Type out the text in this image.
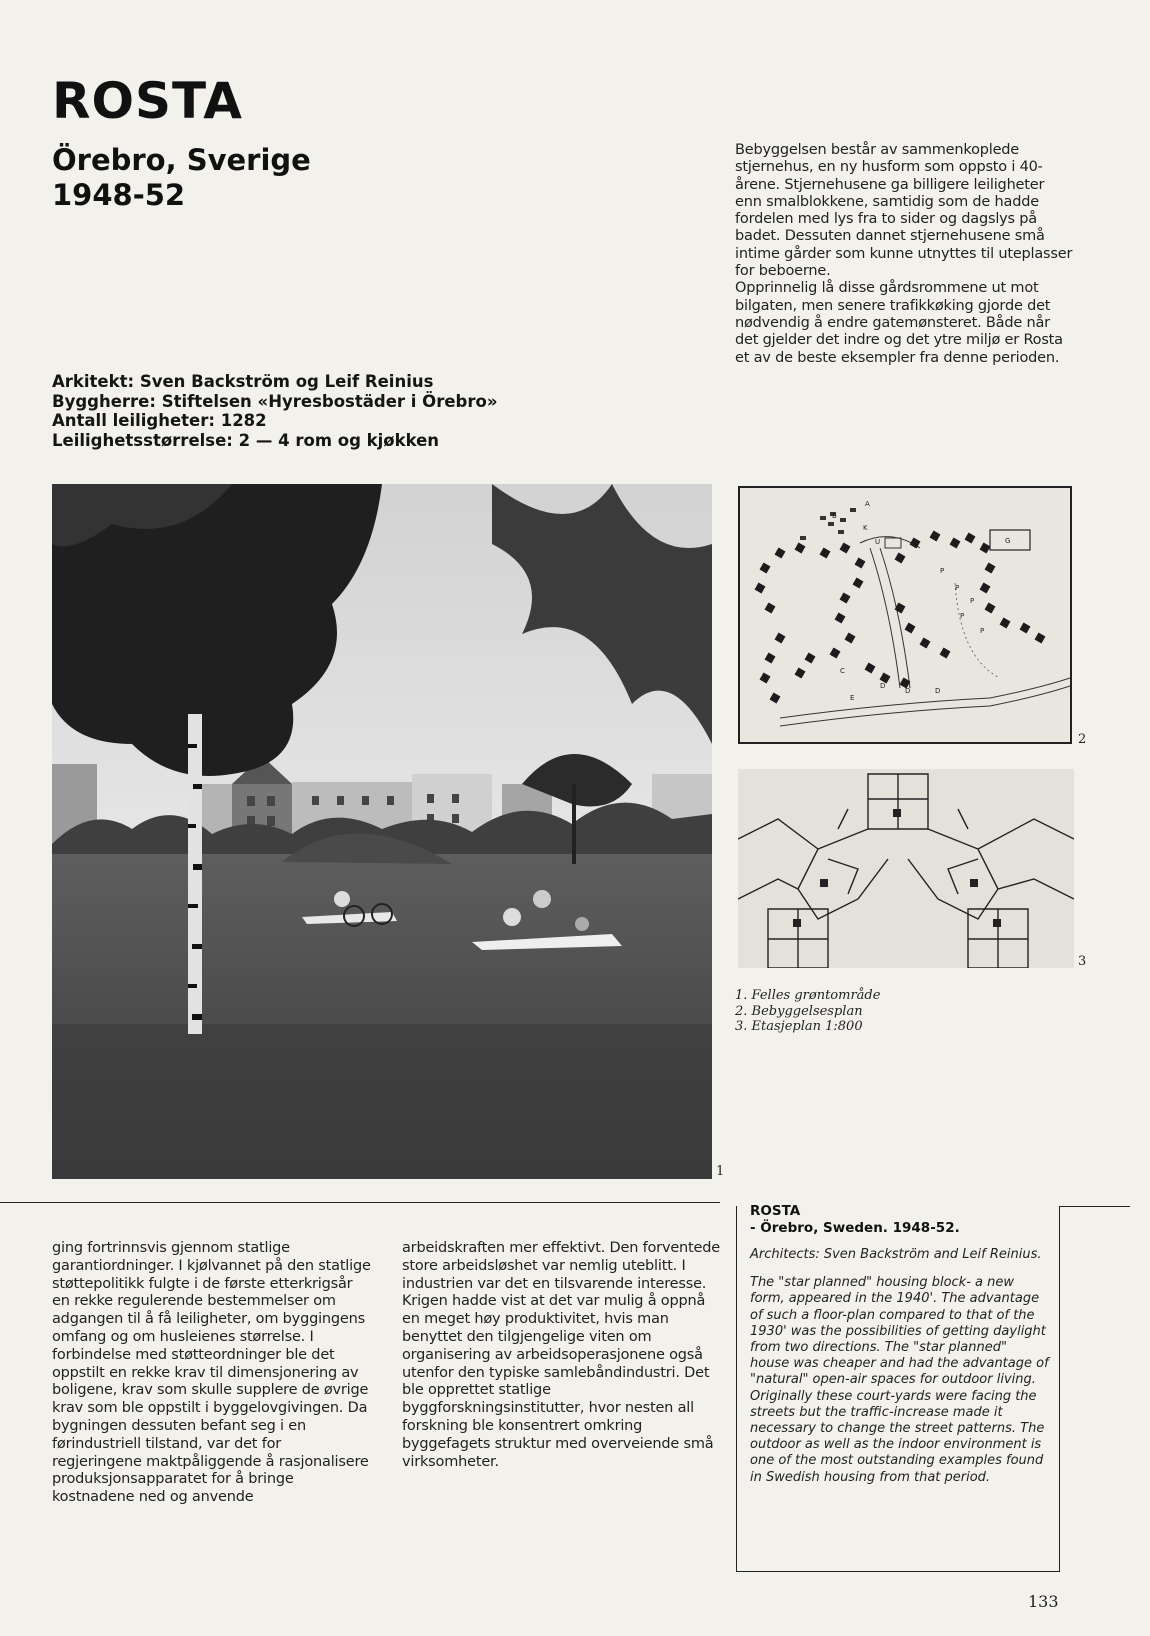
ROSTA
Örebro, Sverige
1948-52
Arkitekt: Sven Backström og Leif Reinius
Byggherre: Stiftelsen «Hyresbostäder i Örebro»
Antall leiligheter: 1282
Leilighetsstørrelse: 2 — 4 rom og kjøkken

Bebyggelsen består av sammenkoplede stjernehus, en ny husform som oppsto i 40-årene. Stjernehusene ga billigere leiligheter enn smalblokkene, samtidig som de hadde fordelen med lys fra to sider og dagslys på badet. Dessuten dannet stjernehusene små intime gårder som kunne utnyttes til uteplasser for beboerne.

Opprinnelig lå disse gårdsrommene ut mot bilgaten, men senere trafikkøking gjorde det nødvendig å endre gatemønsteret. Både når det gjelder det indre og det ytre miljø er Rosta et av de beste eksempler fra denne perioden.

1
A
B
K
U	G
P
P
P
P
P
C
D
D	D
E
2
3
1. Felles grøntområde
2. Bebyggelsesplan
3. Etasjeplan 1:800

ging fortrinnsvis gjennom statlige garantiordninger. I kjølvannet på den statlige støttepolitikk fulgte i de første etterkrigsår en rekke regulerende bestemmelser om adgangen til å få leiligheter, om byggingens omfang og om husleienes størrelse. I forbindelse med støtteordninger ble det oppstilt en rekke krav til dimensjonering av boligene, krav som skulle supplere de øvrige krav som ble oppstilt i byggelovgivingen. Da bygningen dessuten befant seg i en førindustriell tilstand, var det for regjeringene maktpåliggende å rasjonalisere produksjonsapparatet for å bringe kostnadene ned og anvende

arbeidskraften mer effektivt. Den forventede store arbeidsløshet var nemlig uteblitt. I industrien var det en tilsvarende interesse. Krigen hadde vist at det var mulig å oppnå en meget høy produktivitet, hvis man benyttet den tilgjengelige viten om organisering av arbeidsoperasjonene også utenfor den typiske samlebåndindustri. Det ble opprettet statlige byggforskningsinstitutter, hvor nesten all forskning ble konsentrert omkring byggefagets struktur med overveiende små virksomheter.

ROSTA
- Örebro, Sweden. 1948-52.

Architects: Sven Backström and Leif Reinius.

The "star planned" housing block- a new form, appeared in the 1940'. The advantage of such a floor-plan compared to that of the 1930' was the possibilities of getting daylight from two directions. The "star planned" house was cheaper and had the advantage of "natural" open-air spaces for outdoor living. Originally these court-yards were facing the streets but the traffic-increase made it necessary to change the street patterns. The outdoor as well as the indoor environment is one of the most outstanding examples found in Swedish housing from that period.

133
